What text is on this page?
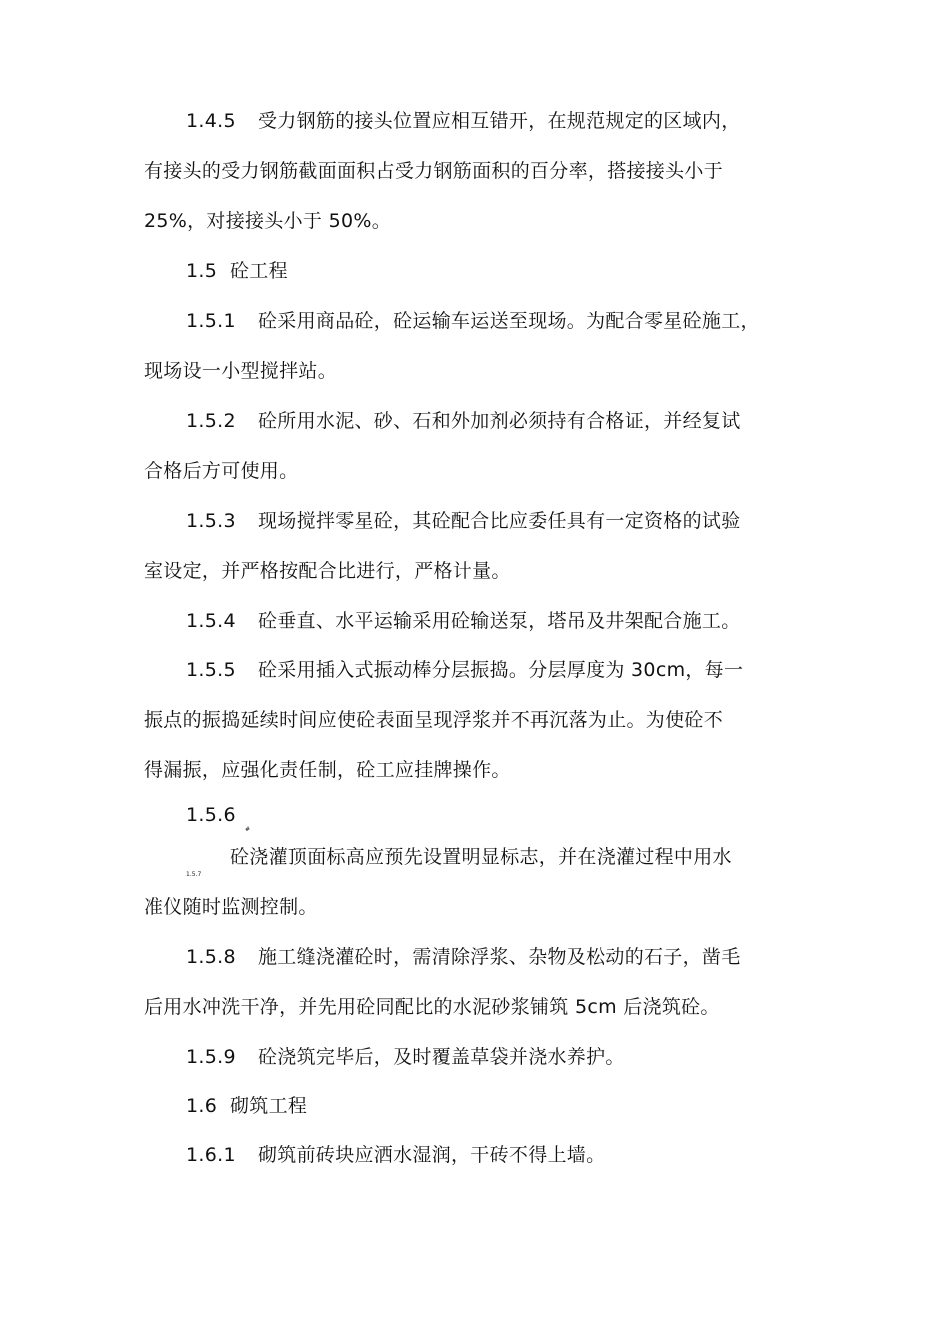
1.4.5 受力钢筋的接头位置应相互错开，在规范规定的区域内，
有接头的受力钢筋截面面积占受力钢筋面积的百分率，搭接接头小于
25%，对接接头小于 50%。
1.5 砼工程
1.5.1 砼采用商品砼，砼运输车运送至现场。为配合零星砼施工，
现场设一小型搅拌站。
1.5.2 砼所用水泥、砂、石和外加剂必须持有合格证，并经复试
合格后方可使用。
1.5.3 现场搅拌零星砼，其砼配合比应委任具有一定资格的试验
室设定，并严格按配合比进行，严格计量。
1.5.4 砼垂直、水平运输采用砼输送泵，塔吊及井架配合施工。
1.5.5 砼采用插入式振动棒分层振捣。分层厚度为 30cm，每一
振点的振捣延续时间应使砼表面呈现浮浆并不再沉落为止。为使砼不
得漏振，应强化责任制，砼工应挂牌操作。
1.5.6
#
1.5.7
砼浇灌顶面标高应预先设置明显标志，并在浇灌过程中用水
准仪随时监测控制。
1.5.8 施工缝浇灌砼时，需清除浮浆、杂物及松动的石子，凿毛
后用水冲洗干净，并先用砼同配比的水泥砂浆铺筑 5cm 后浇筑砼。
1.5.9 砼浇筑完毕后，及时覆盖草袋并浇水养护。
1.6 砌筑工程
1.6.1 砌筑前砖块应洒水湿润，干砖不得上墙。
